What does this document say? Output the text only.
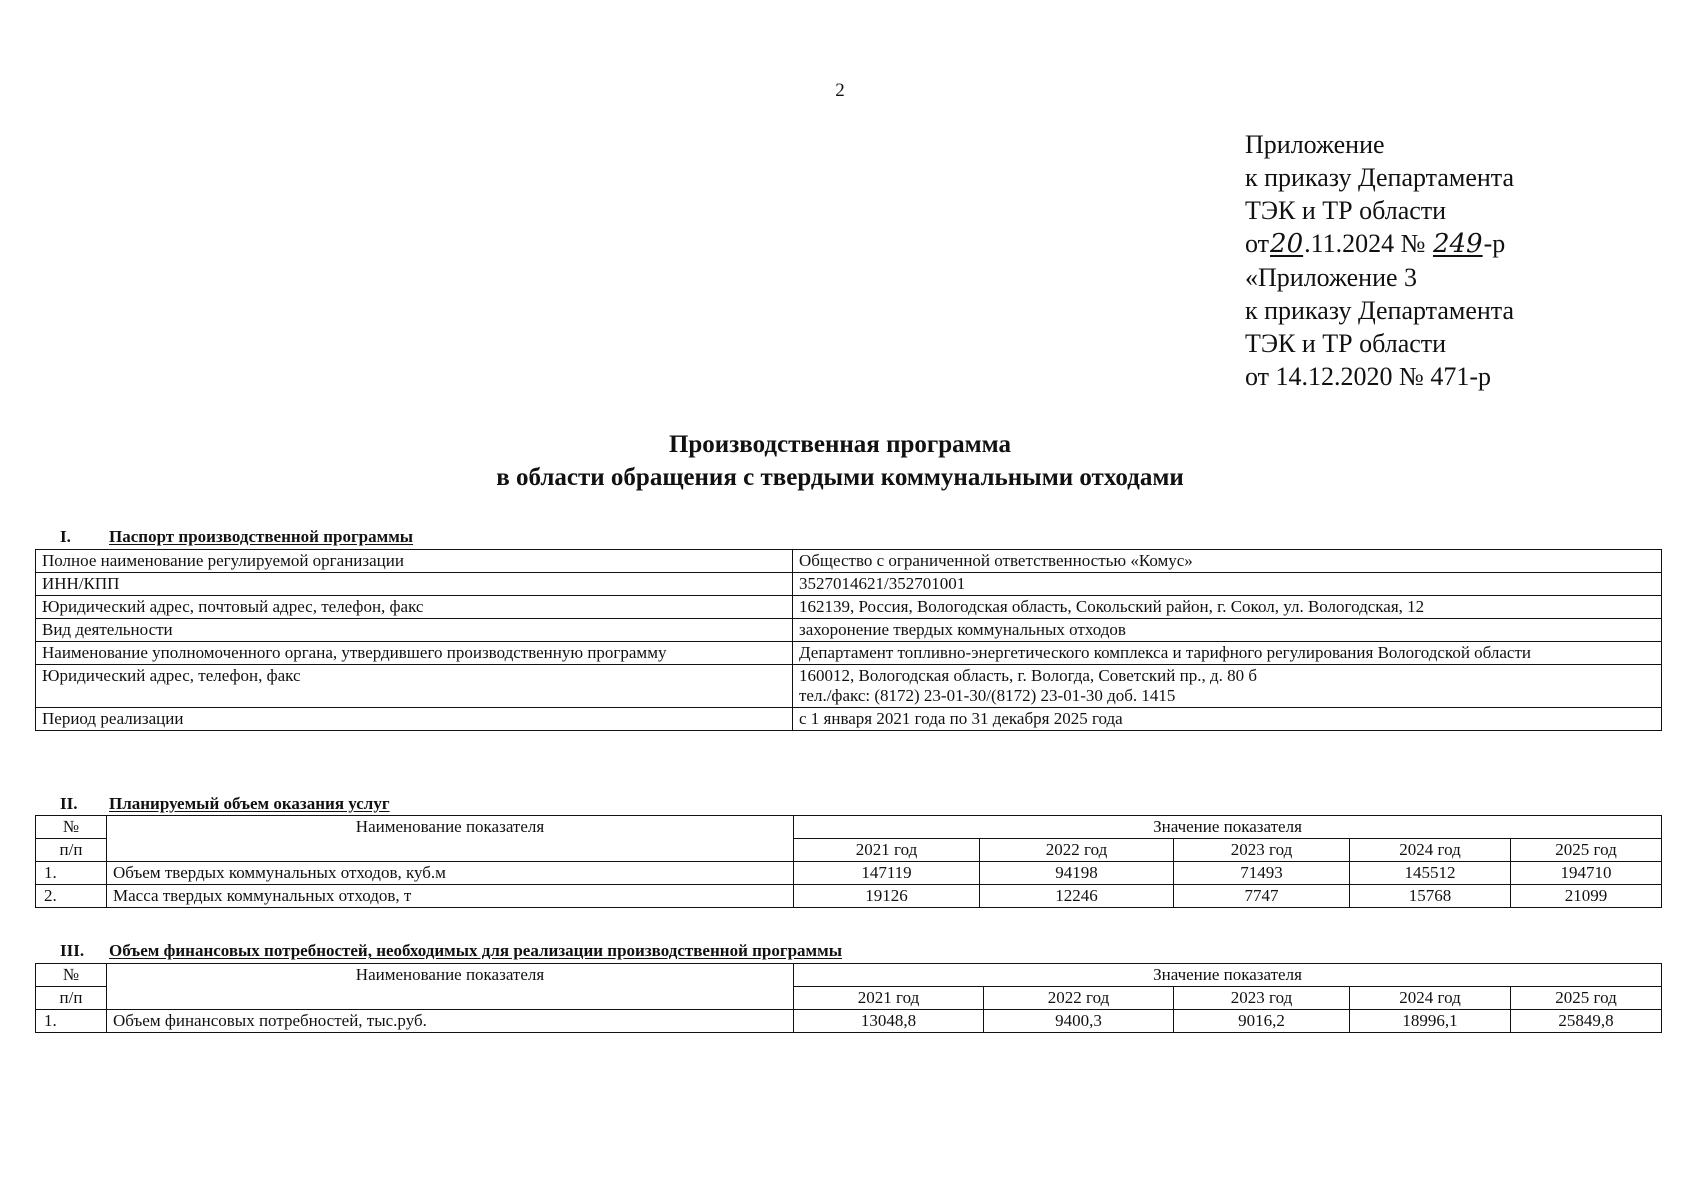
2
Приложение
к приказу Департамента
ТЭК и ТР области
от20.11.2024 № 249-р
«Приложение 3
к приказу Департамента
ТЭК и ТР области
от 14.12.2020 № 471-р
Производственная программа
в области обращения с твердыми коммунальными отходами
I. Паспорт производственной программы
Полное наименование регулируемой организации	Общество с ограниченной ответственностью «Комус»
ИНН/КПП	3527014621/352701001
Юридический адрес, почтовый адрес, телефон, факс	162139, Россия, Вологодская область, Сокольский район, г. Сокол, ул. Вологодская, 12
Вид деятельности	захоронение твердых коммунальных отходов
Наименование уполномоченного органа, утвердившего производственную программу	Департамент топливно-энергетического комплекса и тарифного регулирования Вологодской области
Юридический адрес, телефон, факс	160012, Вологодская область, г. Вологда, Советский пр., д. 80 б
тел./факс: (8172) 23-01-30/(8172) 23-01-30 доб. 1415
Период реализации	с 1 января 2021 года по 31 декабря 2025 года
II. Планируемый объем оказания услуг
№	Наименование показателя	Значение показателя				
п/п		2021 год	2022 год	2023 год	2024 год	2025 год
1.	Объем твердых коммунальных отходов, куб.м	147119	94198	71493	145512	194710
2.	Масса твердых коммунальных отходов, т	19126	12246	7747	15768	21099
III. Объем финансовых потребностей, необходимых для реализации производственной программы
№	Наименование показателя	Значение показателя				
п/п		2021 год	2022 год	2023 год	2024 год	2025 год
1.	Объем финансовых потребностей, тыс.руб.	13048,8	9400,3	9016,2	18996,1	25849,8
